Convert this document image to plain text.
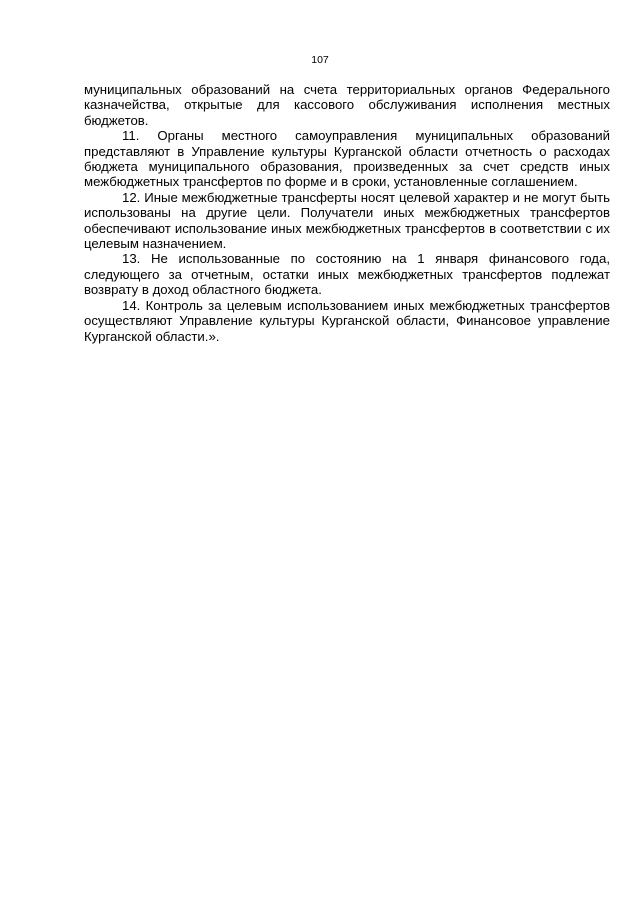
107

муниципальных образований на счета территориальных органов Федерального казначейства, открытые для кассового обслуживания исполнения местных бюджетов.

11. Органы местного самоуправления муниципальных образований представляют в Управление культуры Курганской области отчетность о расходах бюджета муниципального образования, произведенных за счет средств иных межбюджетных трансфертов по форме и в сроки, установленные соглашением.

12. Иные межбюджетные трансферты носят целевой характер и не могут быть использованы на другие цели. Получатели иных межбюджетных трансфертов обеспечивают использование иных межбюджетных трансфертов в соответствии с их целевым назначением.

13. Не использованные по состоянию на 1 января финансового года, следующего за отчетным, остатки иных межбюджетных трансфертов подлежат возврату в доход областного бюджета.

14. Контроль за целевым использованием иных межбюджетных трансфертов осуществляют Управление культуры Курганской области, Финансовое управление Курганской области.».
